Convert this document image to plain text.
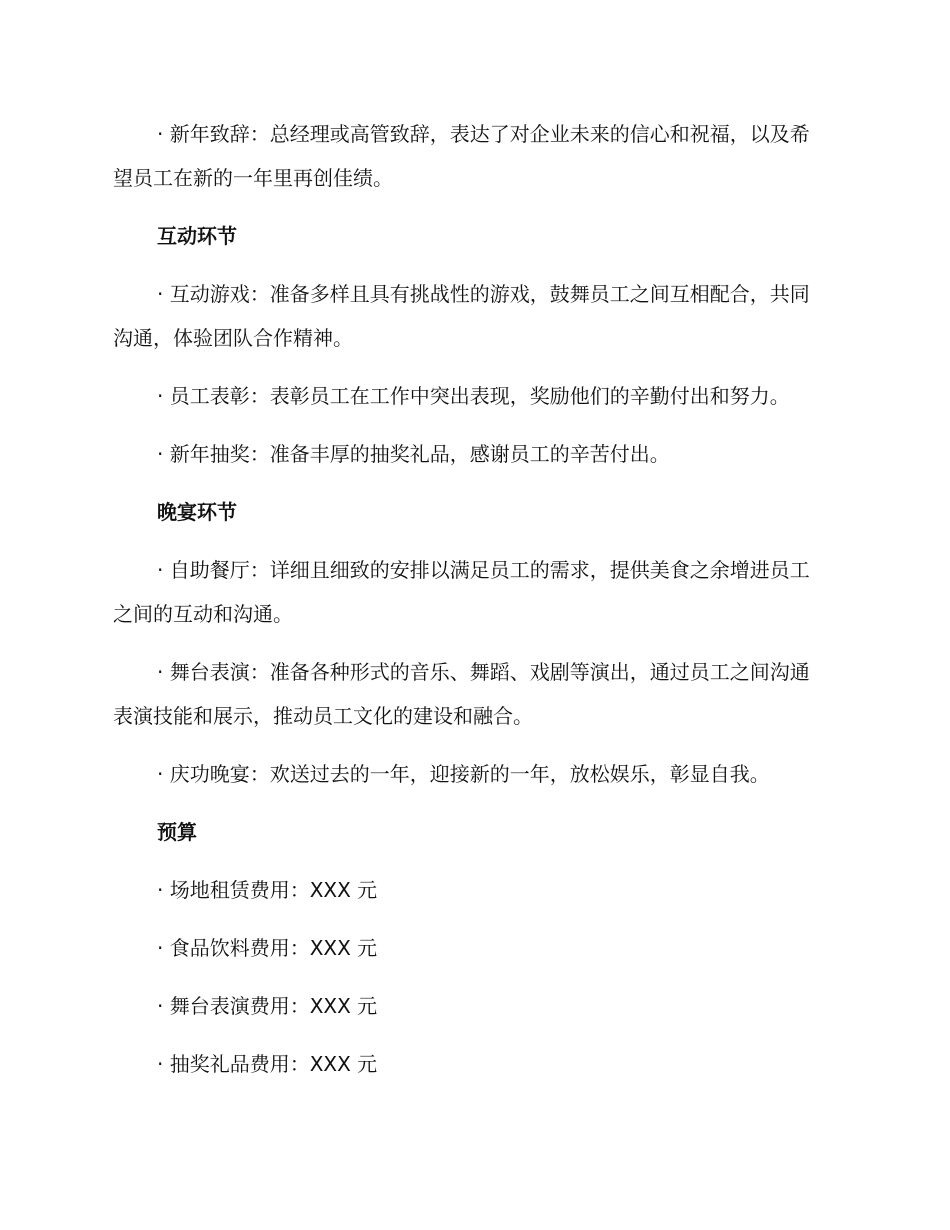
· 新年致辞：总经理或高管致辞，表达了对企业未来的信心和祝福，以及希望员工在新的一年里再创佳绩。

互动环节

· 互动游戏：准备多样且具有挑战性的游戏，鼓舞员工之间互相配合，共同沟通，体验团队合作精神。

· 员工表彰：表彰员工在工作中突出表现，奖励他们的辛勤付出和努力。

· 新年抽奖：准备丰厚的抽奖礼品，感谢员工的辛苦付出。

晚宴环节

· 自助餐厅：详细且细致的安排以满足员工的需求，提供美食之余增进员工之间的互动和沟通。

· 舞台表演：准备各种形式的音乐、舞蹈、戏剧等演出，通过员工之间沟通表演技能和展示，推动员工文化的建设和融合。

· 庆功晚宴：欢送过去的一年，迎接新的一年，放松娱乐，彰显自我。

预算

· 场地租赁费用：XXX 元

· 食品饮料费用：XXX 元

· 舞台表演费用：XXX 元

· 抽奖礼品费用：XXX 元
